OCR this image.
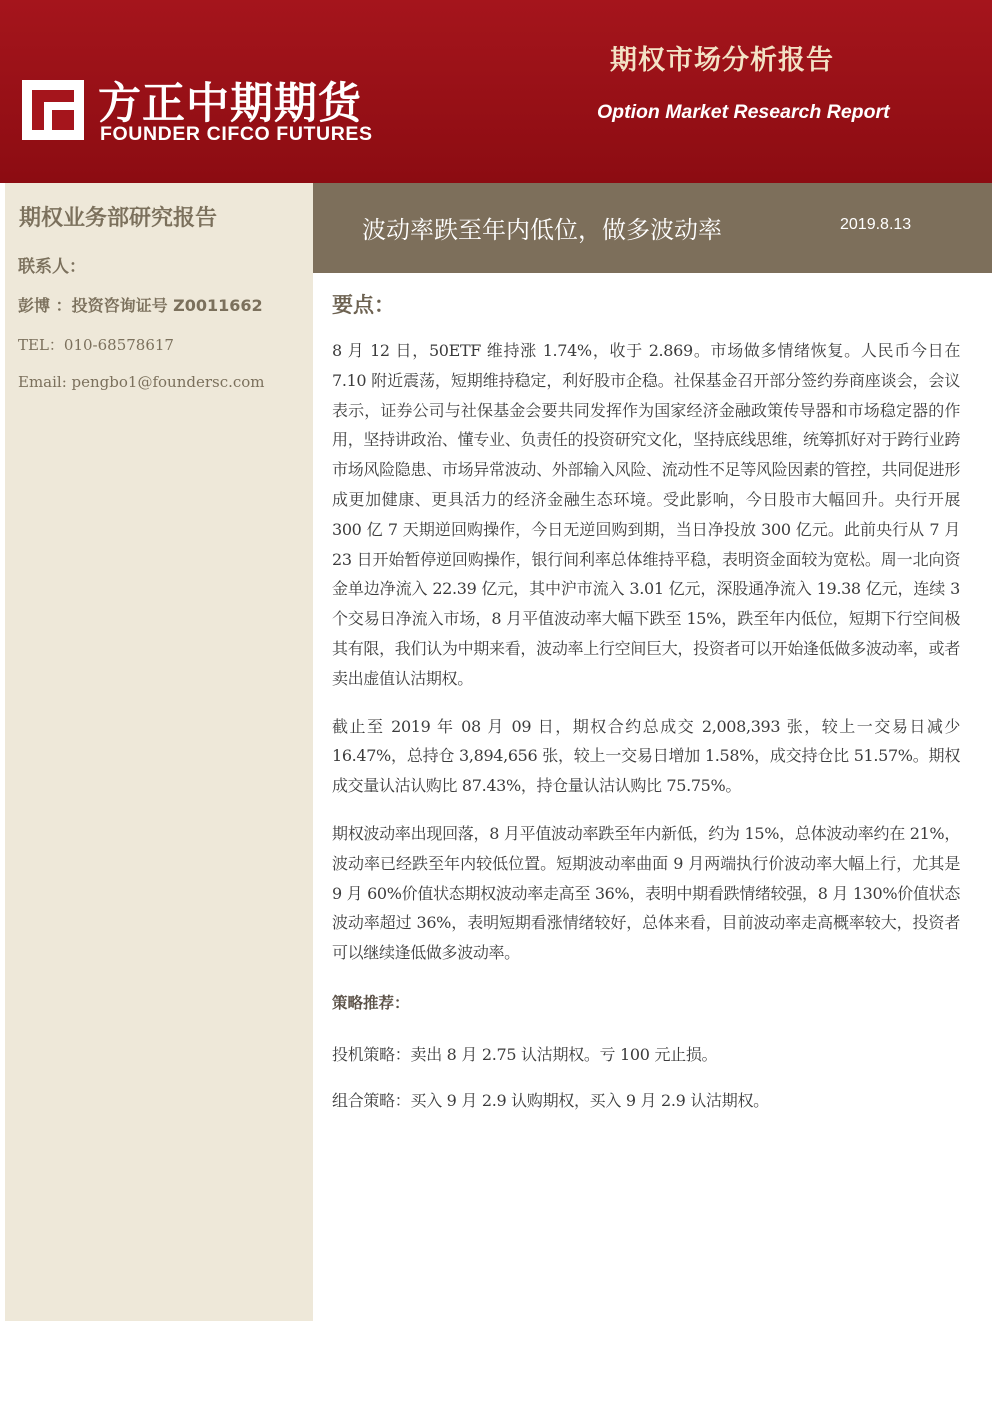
方正中期期货
FOUNDER CIFCO FUTURES
期权市场分析报告
Option Market Research Report
期权业务部研究报告
联系人：
彭博 ：投资咨询证号 Z0011662
TEL：010-68578617
Email: pengbo1@foundersc.com
波动率跌至年内低位，做多波动率	2019.8.13
要点：

8 月 12 日，50ETF 维持涨 1.74%，收于 2.869。市场做多情绪恢复。人民币今日在 7.10 附近震荡，短期维持稳定，利好股市企稳。社保基金召开部分签约券商座谈会，会议表示，证券公司与社保基金会要共同发挥作为国家经济金融政策传导器和市场稳定器的作用，坚持讲政治、懂专业、负责任的投资研究文化，坚持底线思维，统筹抓好对于跨行业跨市场风险隐患、市场异常波动、外部输入风险、流动性不足等风险因素的管控，共同促进形成更加健康、更具活力的经济金融生态环境。受此影响，今日股市大幅回升。央行开展 300 亿 7 天期逆回购操作，今日无逆回购到期，当日净投放 300 亿元。此前央行从 7 月 23 日开始暂停逆回购操作，银行间利率总体维持平稳，表明资金面较为宽松。周一北向资金单边净流入 22.39 亿元，其中沪市流入 3.01 亿元，深股通净流入 19.38 亿元，连续 3 个交易日净流入市场，8 月平值波动率大幅下跌至 15%，跌至年内低位，短期下行空间极其有限，我们认为中期来看，波动率上行空间巨大，投资者可以开始逢低做多波动率，或者卖出虚值认沽期权。

截止至 2019 年 08 月 09 日，期权合约总成交 2,008,393 张，较上一交易日减少 16.47%，总持仓 3,894,656 张，较上一交易日增加 1.58%，成交持仓比 51.57%。期权成交量认沽认购比 87.43%，持仓量认沽认购比 75.75%。

期权波动率出现回落，8 月平值波动率跌至年内新低，约为 15%，总体波动率约在 21%，波动率已经跌至年内较低位置。短期波动率曲面 9 月两端执行价波动率大幅上行，尤其是 9 月 60%价值状态期权波动率走高至 36%，表明中期看跌情绪较强，8 月 130%价值状态波动率超过 36%，表明短期看涨情绪较好，总体来看，目前波动率走高概率较大，投资者可以继续逢低做多波动率。

策略推荐：
投机策略：卖出 8 月 2.75 认沽期权。亏 100 元止损。
组合策略：买入 9 月 2.9 认购期权，买入 9 月 2.9 认沽期权。
